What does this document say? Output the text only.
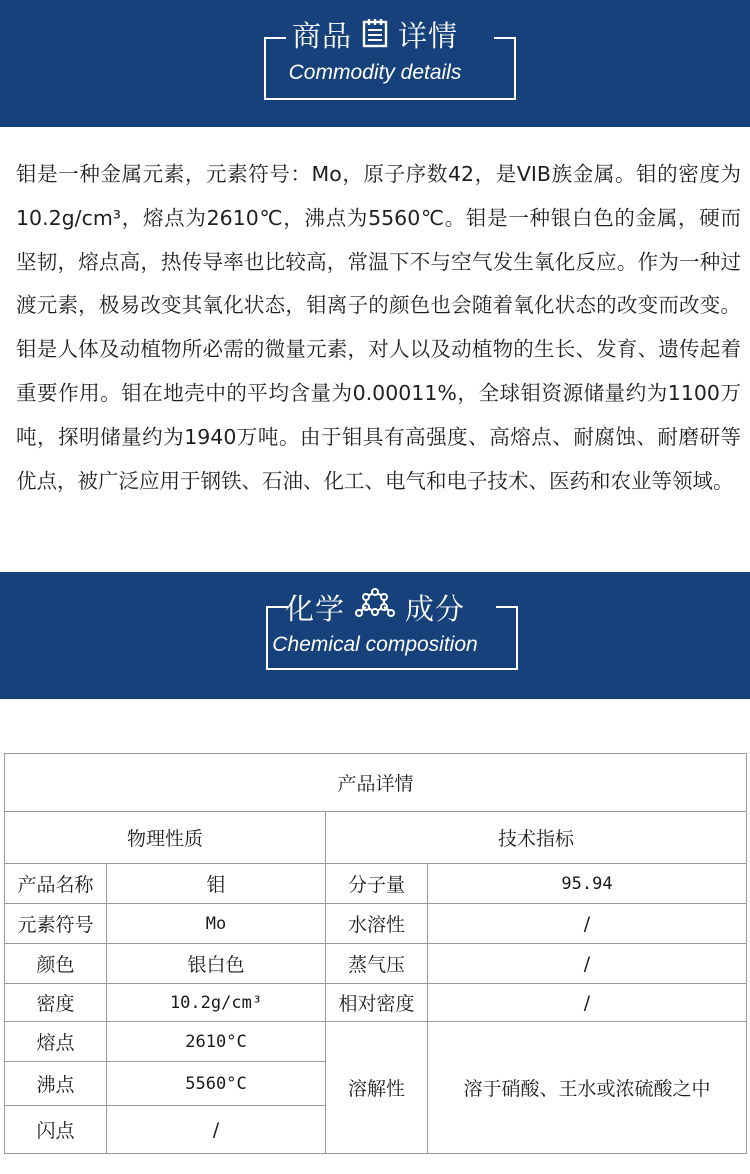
商品 详情
Commodity details

钼是一种金属元素，元素符号：Mo，原子序数42，是VIB族金属。钼的密度为10.2g/cm³，熔点为2610℃，沸点为5560℃。钼是一种银白色的金属，硬而坚韧，熔点高，热传导率也比较高，常温下不与空气发生氧化反应。作为一种过渡元素，极易改变其氧化状态，钼离子的颜色也会随着氧化状态的改变而改变。钼是人体及动植物所必需的微量元素，对人以及动植物的生长、发育、遗传起着重要作用。钼在地壳中的平均含量为0.00011%，全球钼资源储量约为1100万吨，探明储量约为1940万吨。由于钼具有高强度、高熔点、耐腐蚀、耐磨研等优点，被广泛应用于钢铁、石油、化工、电气和电子技术、医药和农业等领域。

化学 成分
Chemical composition
产品详情			
物理性质		技术指标	
产品名称	钼	分子量	95.94
元素符号	Mo	水溶性	/
颜色	银白色	蒸气压	/
密度	10.2g/cm³	相对密度	/
熔点	2610°C	溶解性	溶于硝酸、王水或浓硫酸之中
沸点	5560°C		
闪点	/		
